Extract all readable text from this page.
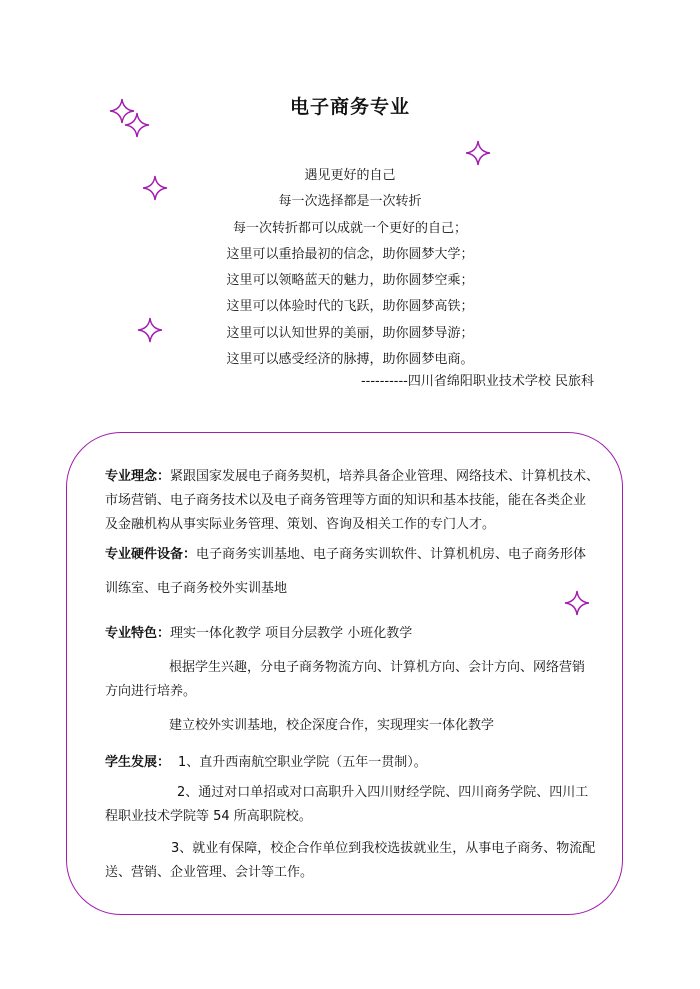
电子商务专业
遇见更好的自己
每一次选择都是一次转折
每一次转折都可以成就一个更好的自己；
这里可以重拾最初的信念，助你圆梦大学；
这里可以领略蓝天的魅力，助你圆梦空乘；
这里可以体验时代的飞跃，助你圆梦高铁；
这里可以认知世界的美丽，助你圆梦导游；
这里可以感受经济的脉搏，助你圆梦电商。
----------四川省绵阳职业技术学校 民旅科

专业理念：紧跟国家发展电子商务契机，培养具备企业管理、网络技术、计算机技术、

市场营销、电子商务技术以及电子商务管理等方面的知识和基本技能，能在各类企业

及金融机构从事实际业务管理、策划、咨询及相关工作的专门人才。

专业硬件设备：电子商务实训基地、电子商务实训软件、计算机机房、电子商务形体

训练室、电子商务校外实训基地

专业特色：理实一体化教学 项目分层教学 小班化教学

根据学生兴趣，分电子商务物流方向、计算机方向、会计方向、网络营销

方向进行培养。

建立校外实训基地，校企深度合作，实现理实一体化教学

学生发展： 1、直升西南航空职业学院（五年一贯制）。

2、通过对口单招或对口高职升入四川财经学院、四川商务学院、四川工

程职业技术学院等 54 所高职院校。

3、就业有保障，校企合作单位到我校选拔就业生，从事电子商务、物流配

送、营销、企业管理、会计等工作。
